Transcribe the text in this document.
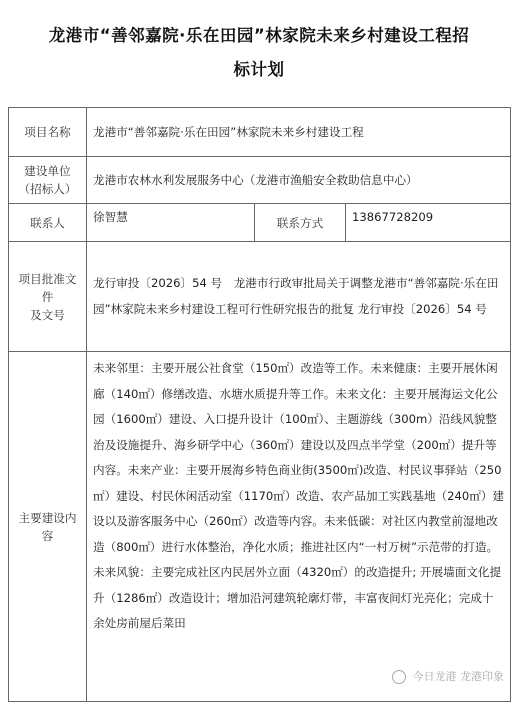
龙港市“善邻嘉院·乐在田园”林家院未来乡村建设工程招
标计划
项目名称	龙港市“善邻嘉院·乐在田园”林家院未来乡村建设工程		

建设单位
（招标人）	龙港市农林水利发展服务中心（龙港市渔船安全救助信息中心）		
联系人	徐智慧	联系方式	13867728209

项目批准文件
及文号	龙行审投〔2026〕54 号　龙港市行政审批局关于调整龙港市“善邻嘉院·乐在田园”林家院未来乡村建设工程可行性研究报告的批复 龙行审投〔2026〕54 号		

主要建设内容	未来邻里：主要开展公社食堂（150㎡）改造等工作。未来健康：主要开展休闲廊（140㎡）修缮改造、水塘水质提升等工作。未来文化：主要开展海运文化公园（1600㎡）建设、入口提升设计（100㎡）、主题游线（300m）沿线风貌整治及设施提升、海乡研学中心（360㎡）建设以及四点半学堂（200㎡）提升等内容。未来产业：主要开展海乡特色商业街(3500㎡)改造、村民议事驿站（250㎡）建设、村民休闲活动室（1170㎡）改造、农产品加工实践基地（240㎡）建设以及游客服务中心（260㎡）改造等内容。未来低碳：对社区内教堂前湿地改造（800㎡）进行水体整治，净化水质；推进社区内“一村万树”示范带的打造。未来风貌：主要完成社区内民居外立面（4320㎡）的改造提升; 开展墙面文化提升（1286㎡）改造设计；增加沿河建筑轮廓灯带，丰富夜间灯光亮化；完成十余处房前屋后菜田		
今日龙港 龙港印象
